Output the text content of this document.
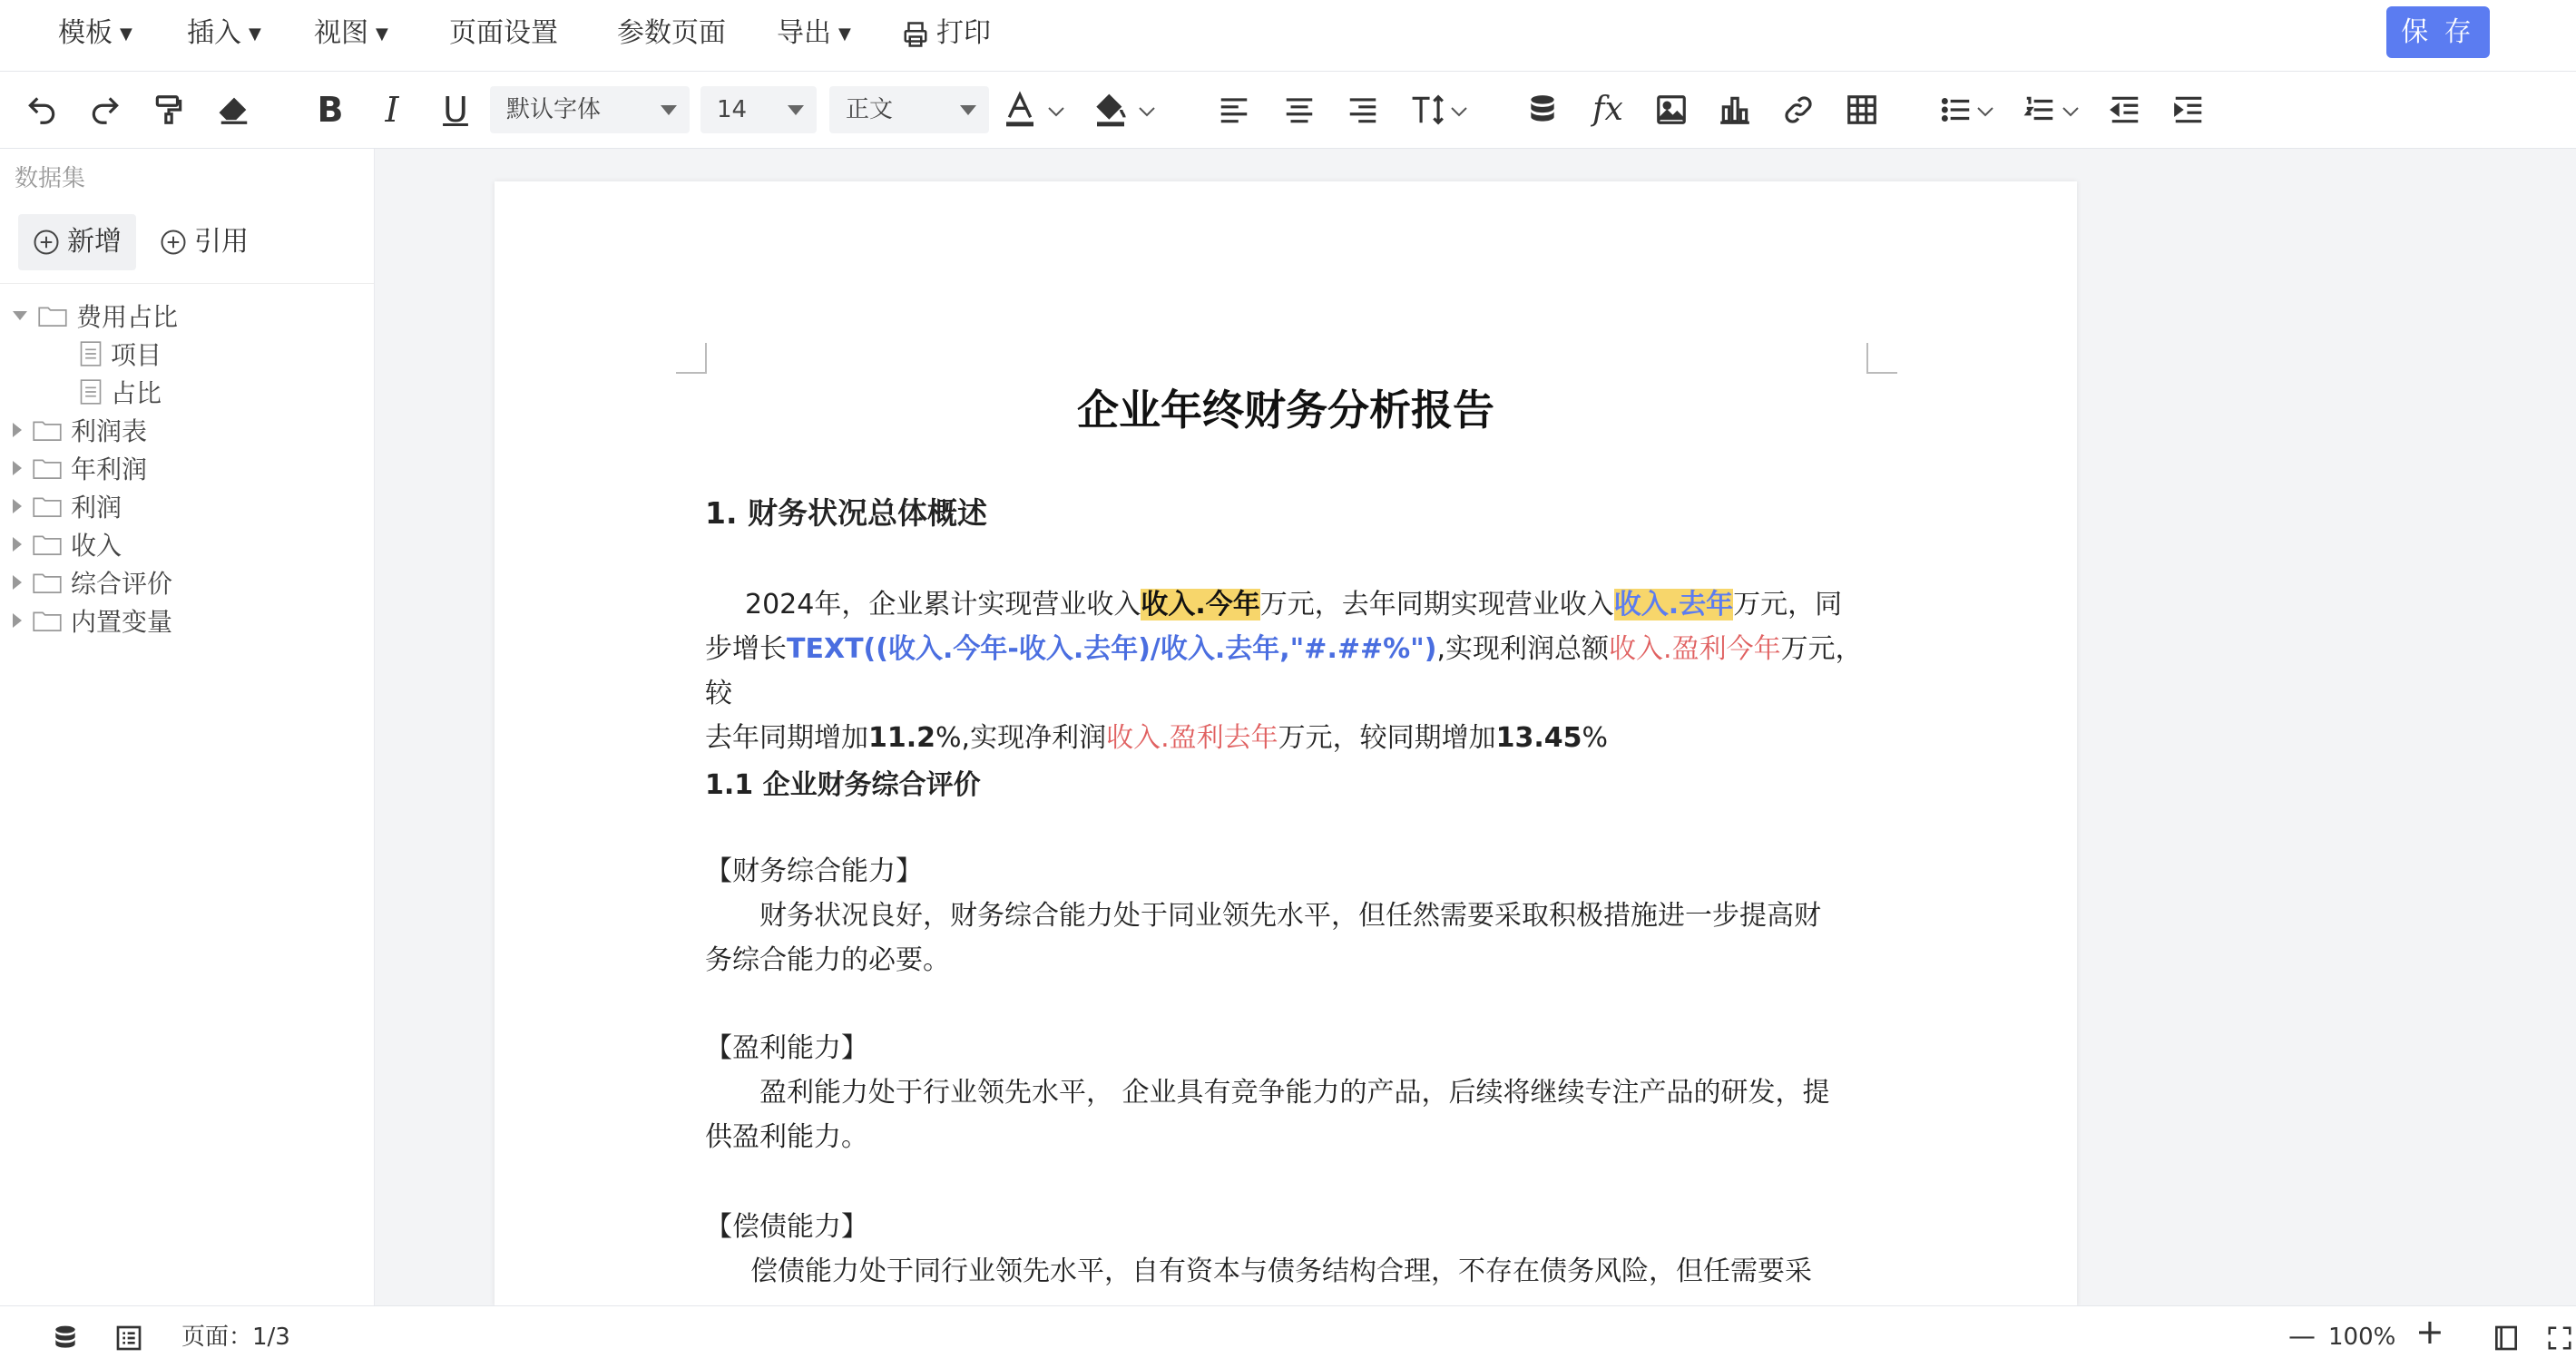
模板 ▼ 插入 ▼ 视图 ▼ 页面设置 参数页面 导出 ▼	打印	保 存
B I U	默认字体	14	正文	fx
数据集
新增	引用
费用占比
项目
占比
利润表
年利润
利润
收入
综合评价
内置变量
企业年终财务分析报告
1. 财务状况总体概述
2024年，企业累计实现营业收入收入.今年万元，去年同期实现营业收入收入.去年万元，同
步增长TEXT((收入.今年-收入.去年)/收入.去年,"#.##%"),实现利润总额收入.盈利今年万元，较
去年同期增加11.2%,实现净利润收入.盈利去年万元，较同期增加13.45%
1.1 企业财务综合评价
【财务综合能力】
财务状况良好，财务综合能力处于同业领先水平，但任然需要采取积极措施进一步提高财
务综合能力的必要。
【盈利能力】
盈利能力处于行业领先水平， 企业具有竞争能力的产品，后续将继续专注产品的研发，提
供盈利能力。
【偿债能力】
偿债能力处于同行业领先水平，自有资本与债务结构合理，不存在债务风险，但任需要采
页面：1/3	— 100% +
